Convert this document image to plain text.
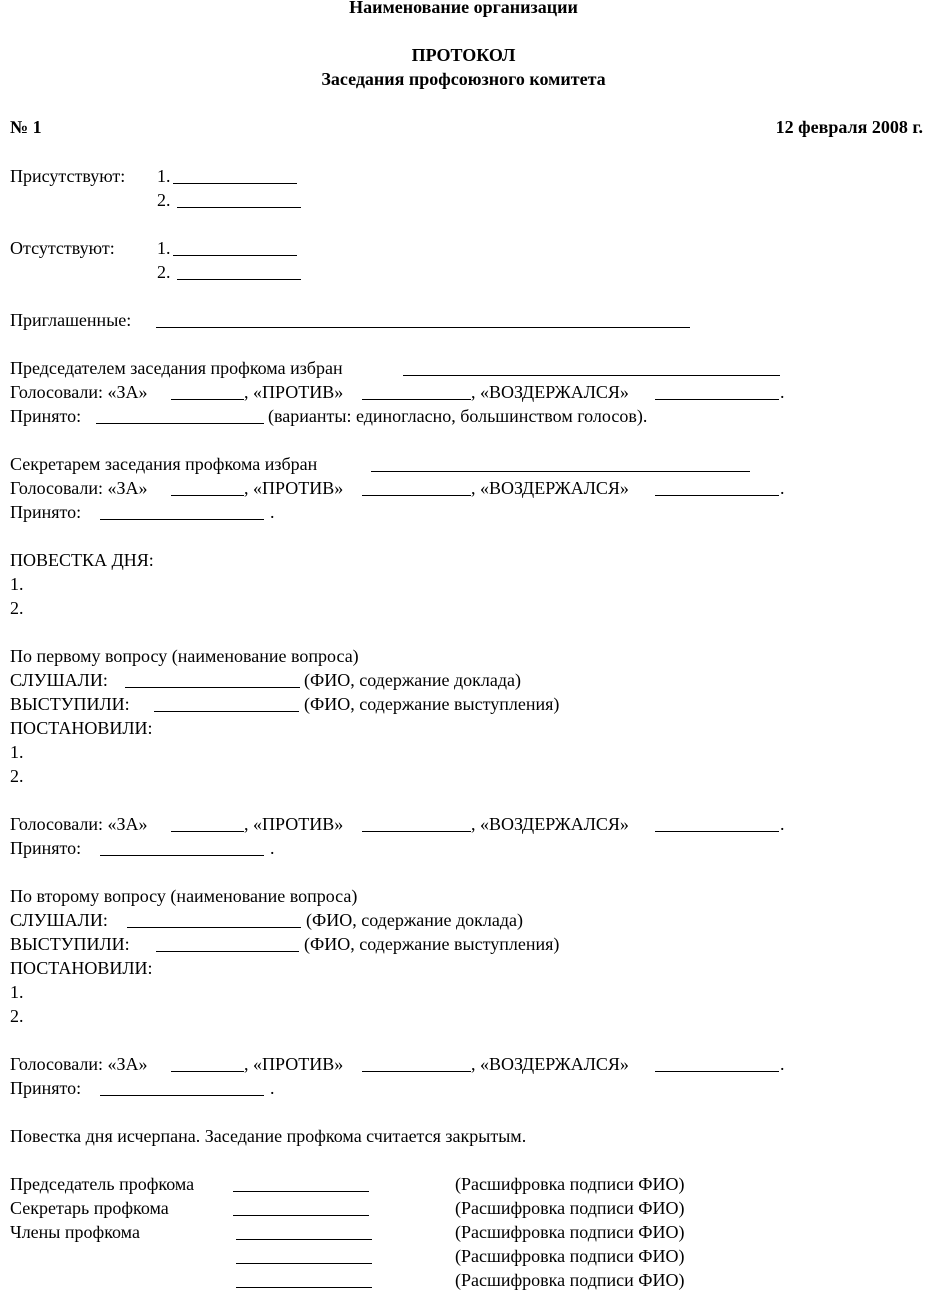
Наименование организации
ПРОТОКОЛ
Заседания профсоюзного комитета
№ 1	12 февраля 2008 г.
Присутствуют: 1.
2.
Отсутствуют: 1.
2.
Приглашенные:
Председателем заседания профкома избран
Голосовали: «ЗА»	, «ПРОТИВ»	, «ВОЗДЕРЖАЛСЯ»	.
Принято:	(варианты: единогласно, большинством голосов).
Секретарем заседания профкома избран
Голосовали: «ЗА»	, «ПРОТИВ»	, «ВОЗДЕРЖАЛСЯ»	.
Принято:	.
ПОВЕСТКА ДНЯ:
1.
2.
По первому вопросу (наименование вопроса)
СЛУШАЛИ:	(ФИО, содержание доклада)
ВЫСТУПИЛИ:	(ФИО, содержание выступления)
ПОСТАНОВИЛИ:
1.
2.
Голосовали: «ЗА»	, «ПРОТИВ»	, «ВОЗДЕРЖАЛСЯ»	.
Принято:	.
По второму вопросу (наименование вопроса)
СЛУШАЛИ:	(ФИО, содержание доклада)
ВЫСТУПИЛИ:	(ФИО, содержание выступления)
ПОСТАНОВИЛИ:
1.
2.
Голосовали: «ЗА»	, «ПРОТИВ»	, «ВОЗДЕРЖАЛСЯ»	.
Принято:	.
Повестка дня исчерпана. Заседание профкома считается закрытым.
Председатель профкома	(Расшифровка подписи ФИО)
Секретарь профкома	(Расшифровка подписи ФИО)
Члены профкома	(Расшифровка подписи ФИО)
(Расшифровка подписи ФИО)
(Расшифровка подписи ФИО)
